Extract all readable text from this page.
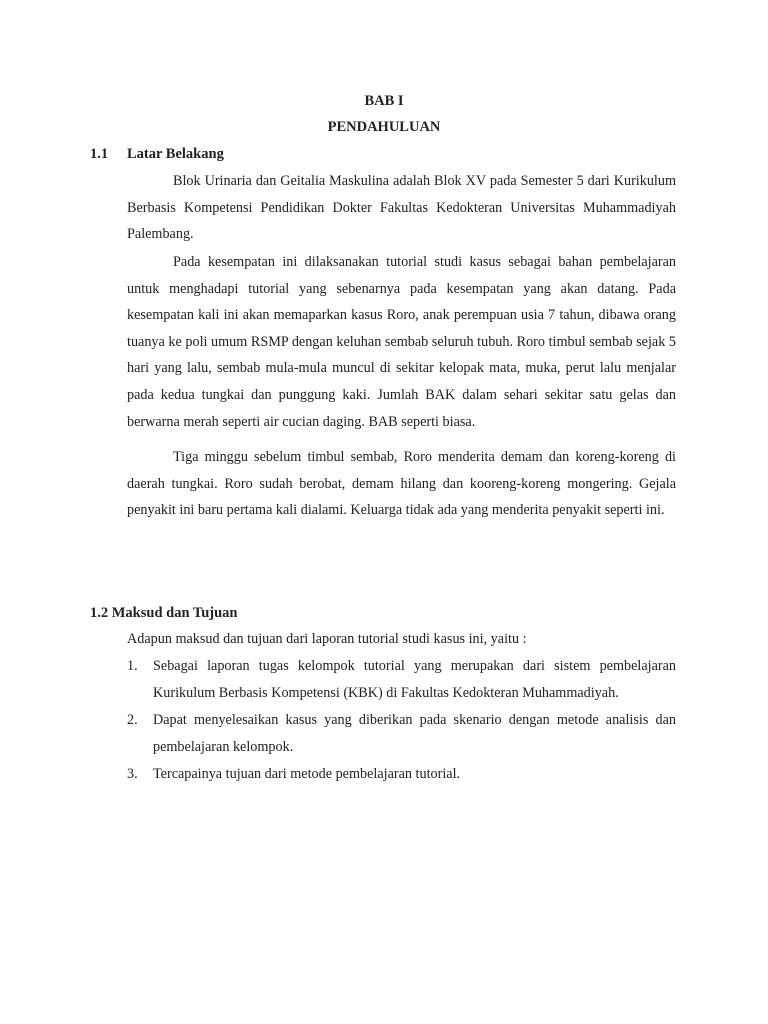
BAB I
PENDAHULUAN
1.1 Latar Belakang

Blok Urinaria dan Geitalia Maskulina adalah Blok XV pada Semester 5 dari Kurikulum Berbasis Kompetensi Pendidikan Dokter Fakultas Kedokteran Universitas Muhammadiyah Palembang.

Pada kesempatan ini dilaksanakan tutorial studi kasus sebagai bahan pembelajaran untuk menghadapi tutorial yang sebenarnya pada kesempatan yang akan datang. Pada kesempatan kali ini akan memaparkan kasus Roro, anak perempuan usia 7 tahun, dibawa orang tuanya ke poli umum RSMP dengan keluhan sembab seluruh tubuh. Roro timbul sembab sejak 5 hari yang lalu, sembab mula-mula muncul di sekitar kelopak mata, muka, perut lalu menjalar pada kedua tungkai dan punggung kaki. Jumlah BAK dalam sehari sekitar satu gelas dan berwarna merah seperti air cucian daging. BAB seperti biasa.

Tiga minggu sebelum timbul sembab, Roro menderita demam dan koreng-koreng di daerah tungkai. Roro sudah berobat, demam hilang dan kooreng-koreng mongering. Gejala penyakit ini baru pertama kali dialami. Keluarga tidak ada yang menderita penyakit seperti ini.

1.2 Maksud dan Tujuan
Adapun maksud dan tujuan dari laporan tutorial studi kasus ini, yaitu :
1. Sebagai laporan tugas kelompok tutorial yang merupakan dari sistem pembelajaran Kurikulum Berbasis Kompetensi (KBK) di Fakultas Kedokteran Muhammadiyah.
2. Dapat menyelesaikan kasus yang diberikan pada skenario dengan metode analisis dan pembelajaran kelompok.
3. Tercapainya tujuan dari metode pembelajaran tutorial.
